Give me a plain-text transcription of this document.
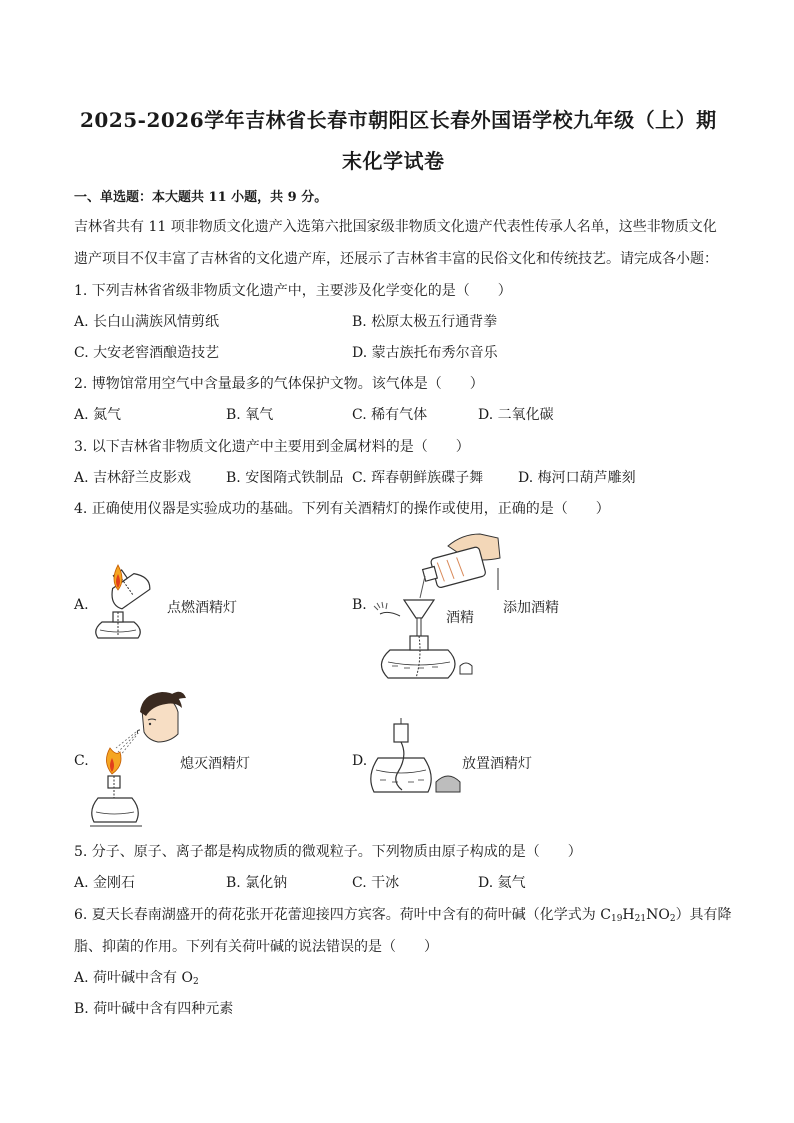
2025-2026学年吉林省长春市朝阳区长春外国语学校九年级（上）期
末化学试卷
一、单选题：本大题共 11 小题，共 9 分。
吉林省共有 11 项非物质文化遗产入选第六批国家级非物质文化遗产代表性传承人名单，这些非物质文化
遗产项目不仅丰富了吉林省的文化遗产库，还展示了吉林省丰富的民俗文化和传统技艺。请完成各小题：
1. 下列吉林省省级非物质文化遗产中，主要涉及化学变化的是（　　）
A. 长白山满族风情剪纸	B. 松原太极五行通背拳
C. 大安老窖酒酿造技艺	D. 蒙古族托布秀尔音乐
2. 博物馆常用空气中含量最多的气体保护文物。该气体是（　　）
A. 氮气	B. 氧气	C. 稀有气体	D. 二氧化碳
3. 以下吉林省非物质文化遗产中主要用到金属材料的是（　　）
A. 吉林舒兰皮影戏 B. 安图隋式铁制品 C. 珲春朝鲜族碟子舞 D. 梅河口葫芦雕刻
4. 正确使用仪器是实验成功的基础。下列有关酒精灯的操作或使用，正确的是（　　）
A.	点燃酒精灯	B.
酒精
添加酒精
C.	熄灭酒精灯	D.	放置酒精灯
5. 分子、原子、离子都是构成物质的微观粒子。下列物质由原子构成的是（　　）
A. 金刚石	B. 氯化钠	C. 干冰	D. 氦气
6. 夏天长春南湖盛开的荷花张开花蕾迎接四方宾客。荷叶中含有的荷叶碱（化学式为 $C_{19}H_{21}NO_2$）具有降
脂、抑菌的作用。下列有关荷叶碱的说法错误的是（　　）
A. 荷叶碱中含有 $O_2$
B. 荷叶碱中含有四种元素
